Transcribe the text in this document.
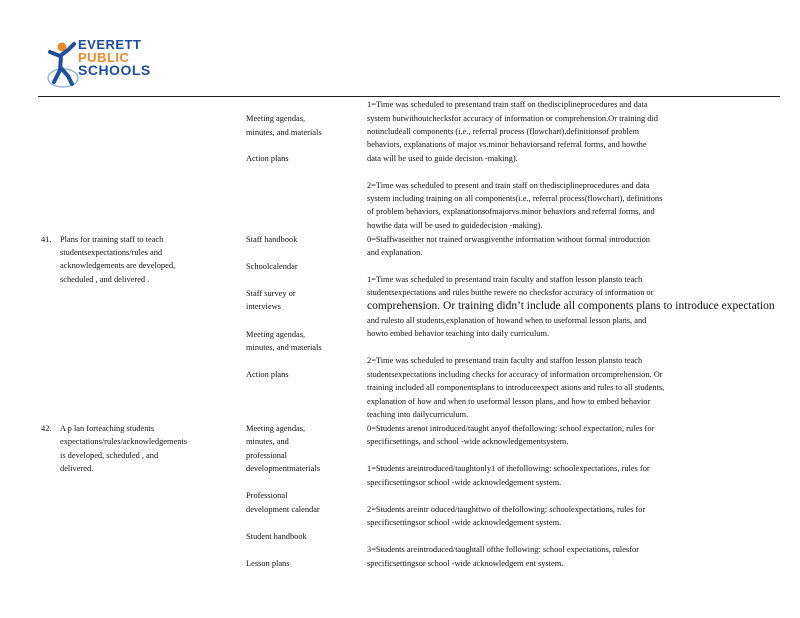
EVERETT
PUBLIC
SCHOOLS
Meeting agendas,
minutes, and materials
Action plans
1=Time was scheduled to presentand train staff on thedisciplineprocedures and data
system butwithoutchecksfor accuracy of information or comprehension.Or training did
notincludeall components (i.e., referral process (flowchart),definitionsof problem
behaviors, explanations of major vs.minor behaviorsand referral forms, and howthe
data will be used to guide decision -making).
2=Time was scheduled to present and train staff on thedisciplineprocedures and data
system including training on all components(i.e., referral process(flowchart), definitions
of problem behaviors, explanationsofmajorvs.minor behaviors and referral forms, and
howthe data will be used to guidedecision -making).
41. Plans for training staff to teach
studentsexpectations/rules and
acknowledgements are developed,
scheduled , and delivered .
Staff handbook
Schoolcalendar
Staff survey or
interviews
Meeting agendas,
minutes, and materials
Action plans
0=Staffwaseither not trained orwasgiventhe information without formal introduction
and explanation.
1=Time was scheduled to presentand train faculty and staffon lesson plansto teach
studentsexpectations and rules butthe rewere no checksfor accuracy of information or
comprehension. Or training didn’t include all components plans to introduce expectation
and rulesto all students,explanation of howand when to useformal lesson plans, and
howto embed behavior teaching into daily curriculum.
2=Time was scheduled to presentand train faculty and staffon lesson plansto teach
studentsexpectations including checks for accuracy of information orcomprehension. Or
training included all componentsplans to introduceexpect ations and rules to all students,
explanation of how and when to useformal lesson plans, and how to embed behavior
teaching into dailycurriculum.
42. A p lan forteaching students
expectations/rules/acknowledgements
is developed, scheduled , and
delivered.
Meeting agendas,
minutes, and
professional
developmentmaterials
Professional
development calendar
Student handbook
Lesson plans
0=Students arenot introduced/taught anyof thefollowing: school expectation, rules for
specificsettings, and school -wide acknowledgementsystem.
1=Students areintroduced/taughtonly1 of thefollowing: schoolexpectations, rules for
specificsettingsor school -wide acknowledgement system.
2=Students areintr oduced/taughttwo of thefollowing: schoolexpectations, rules for
specificsettingsor school -wide acknowledgement system.
3=Students areintroduced/taughtall ofthe following: school expectations, rulesfor
specificsettingsor school -wide acknowledgem ent system.
